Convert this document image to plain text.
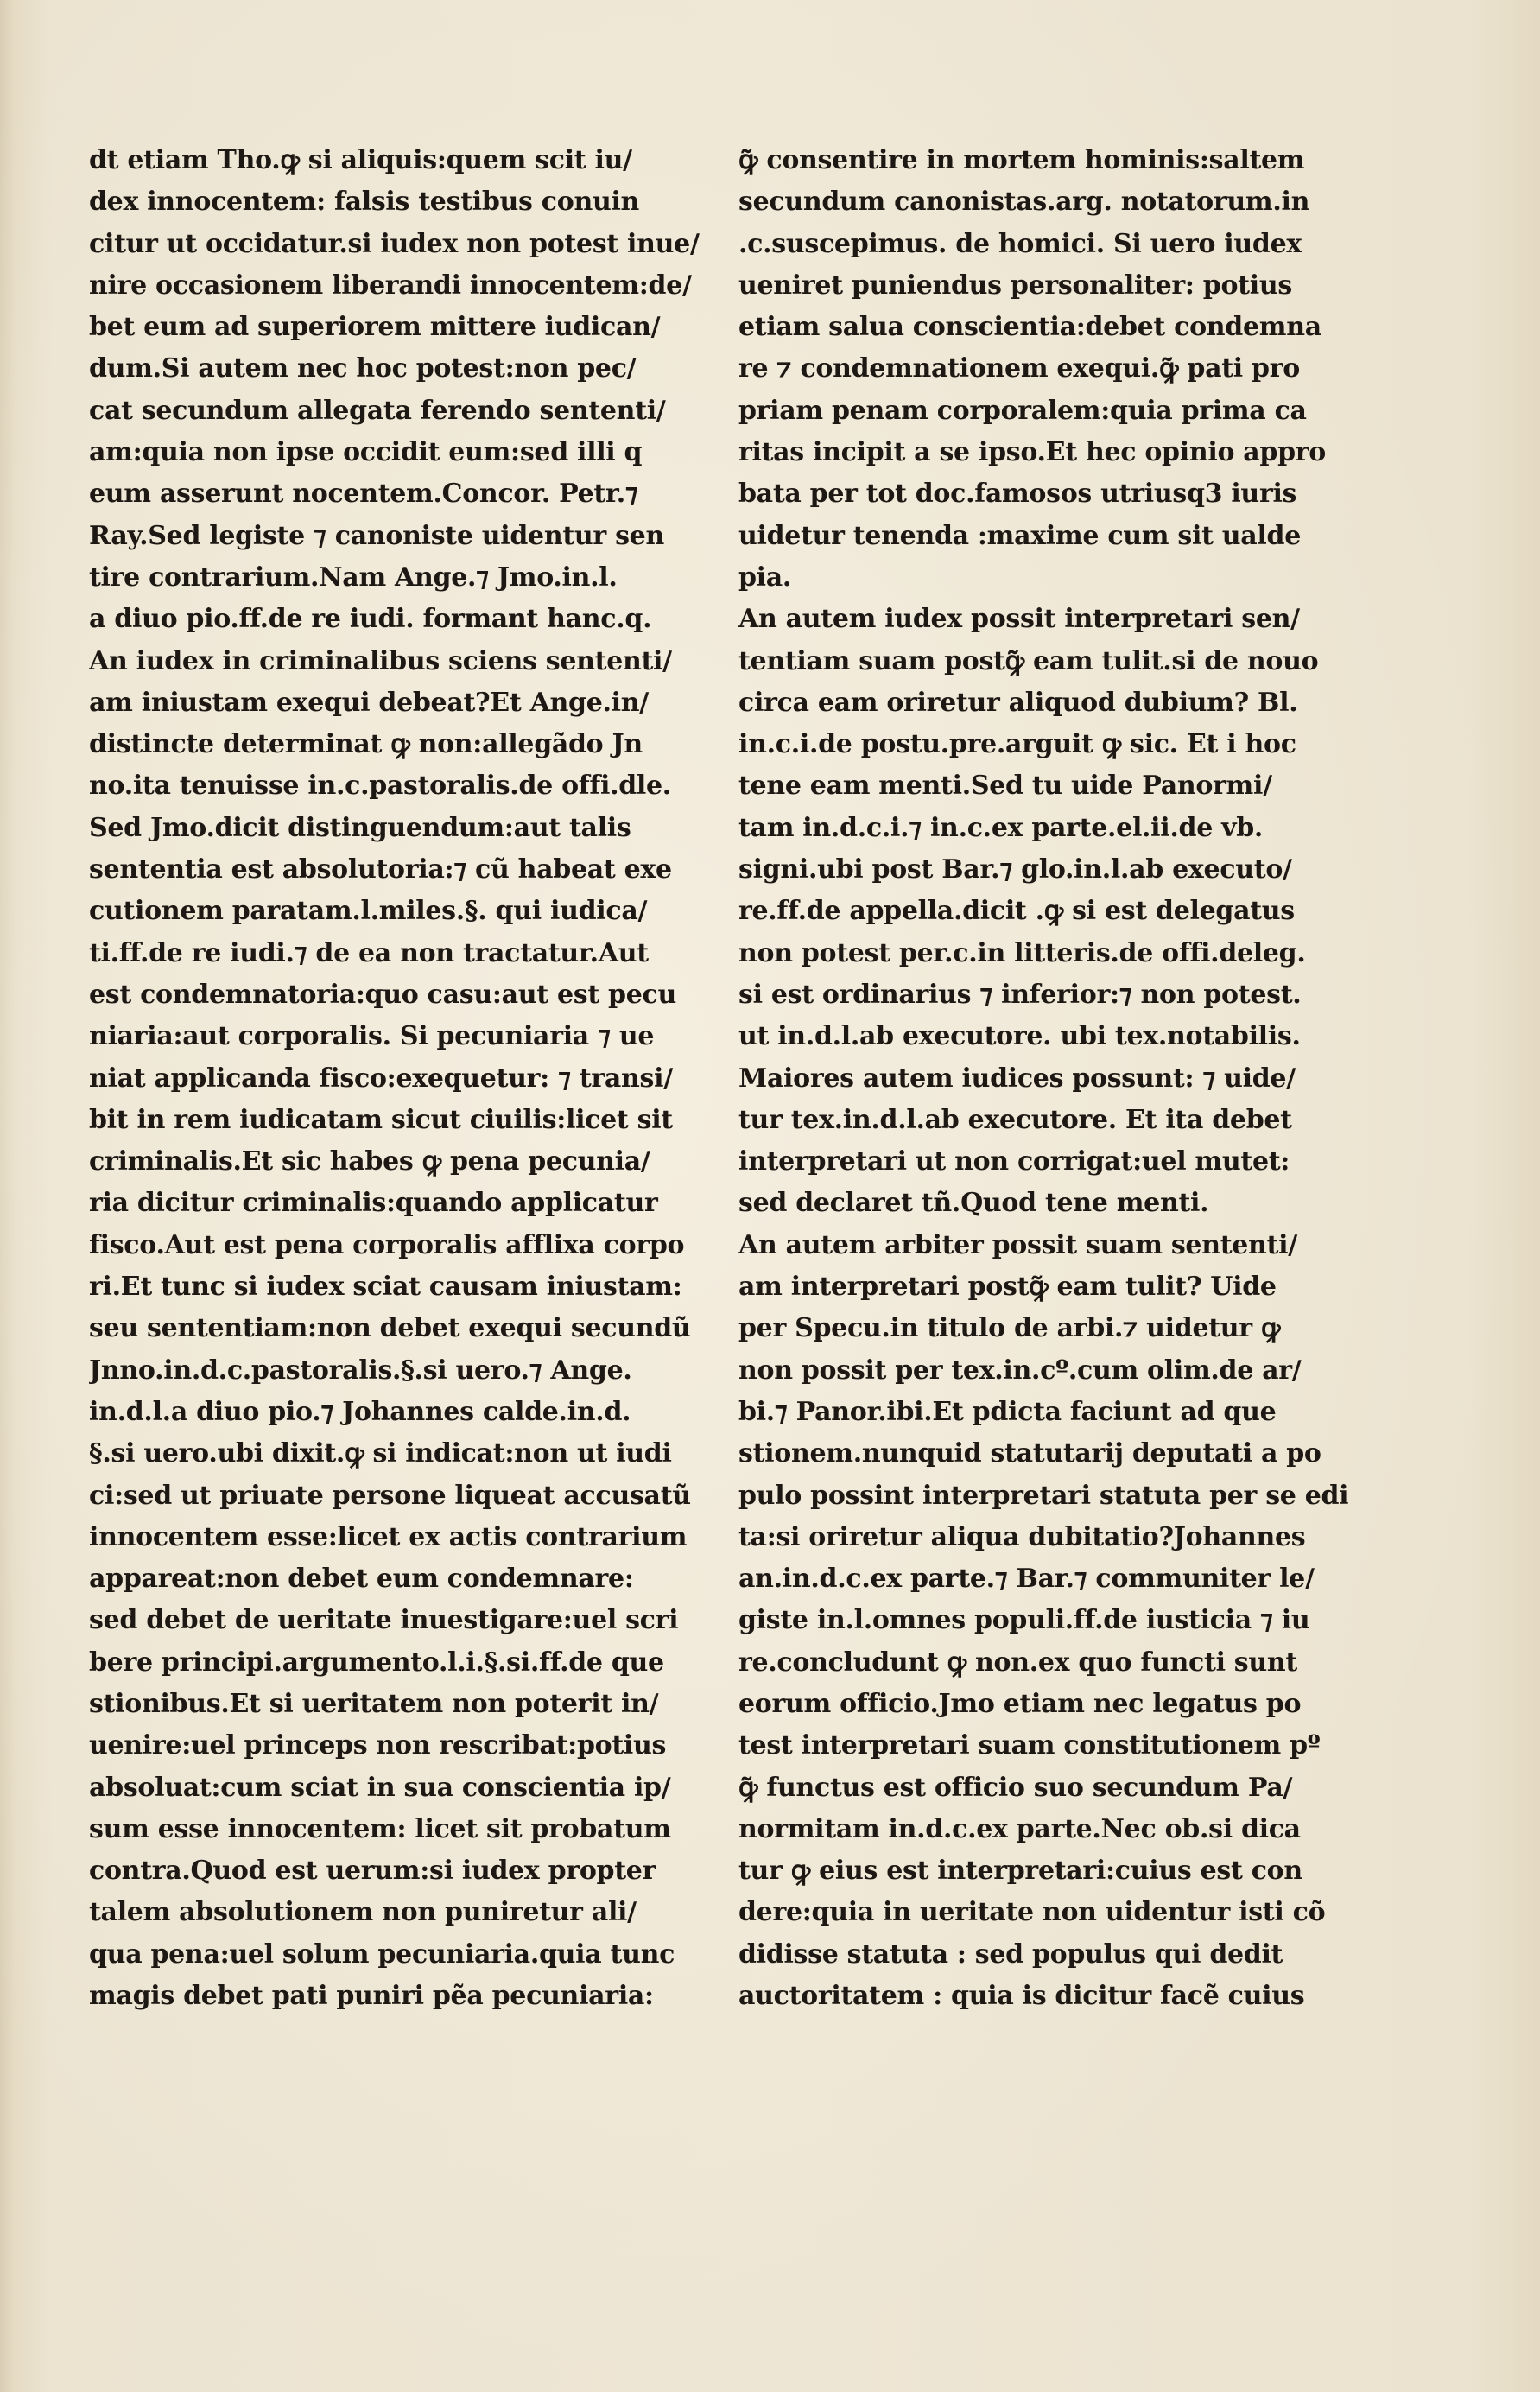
dt etiam Tho.ꝙ si aliquis:quem scit iu/
dex innocentem: falsis testibus conuin
citur ut occidatur.si iudex non potest inue/
nire occasionem liberandi innocentem:de/
bet eum ad superiorem mittere iudican/
dum.Si autem nec hoc potest:non pec/
cat secundum allegata ferendo sententi/
am:quia non ipse occidit eum:sed illi q
eum asserunt nocentem.Concor. Petr.⁊
Ray.Sed legiste ⁊ canoniste uidentur sen
tire contrarium.Nam Ange.⁊ Jmo.in.l.
a diuo pio.ff.de re iudi. formant hanc.q.
An iudex in criminalibus sciens sententi/
am iniustam exequi debeat?Et Ange.in/
distincte determinat ꝙ non:allegãdo Jn
no.ita tenuisse in.c.pastoralis.de offi.dle.
Sed Jmo.dicit distinguendum:aut talis
sententia est absolutoria:⁊ cũ habeat exe
cutionem paratam.l.miles.§. qui iudica/
ti.ff.de re iudi.⁊ de ea non tractatur.Aut
est condemnatoria:quo casu:aut est pecu
niaria:aut corporalis. Si pecuniaria ⁊ ue
niat applicanda fisco:exequetur: ⁊ transi/
bit in rem iudicatam sicut ciuilis:licet sit
criminalis.Et sic habes ꝙ pena pecunia/
ria dicitur criminalis:quando applicatur
fisco.Aut est pena corporalis afflixa corpo
ri.Et tunc si iudex sciat causam iniustam:
seu sententiam:non debet exequi secundũ
Jnno.in.d.c.pastoralis.§.si uero.⁊ Ange.
in.d.l.a diuo pio.⁊ Johannes calde.in.d.
§.si uero.ubi dixit.ꝙ si indicat:non ut iudi
ci:sed ut priuate persone liqueat accusatũ
innocentem esse:licet ex actis contrarium
appareat:non debet eum condemnare:
sed debet de ueritate inuestigare:uel scri
bere principi.argumento.l.i.§.si.ff.de que
stionibus.Et si ueritatem non poterit in/
uenire:uel princeps non rescribat:potius
absoluat:cum sciat in sua conscientia ip/
sum esse innocentem: licet sit probatum
contra.Quod est uerum:si iudex propter
talem absolutionem non puniretur ali/
qua pena:uel solum pecuniaria.quia tunc
magis debet pati puniri pẽa pecuniaria:
ꝙ̃ consentire in mortem hominis:saltem
secundum canonistas.arg. notatorum.in
.c.suscepimus. de homici. Si uero iudex
ueniret puniendus personaliter: potius
etiam salua conscientia:debet condemna
re ⁊ condemnationem exequi.ꝙ̃ pati pro
priam penam corporalem:quia prima ca
ritas incipit a se ipso.Et hec opinio appro
bata per tot doc.famosos utriusq3 iuris
uidetur tenenda :maxime cum sit ualde
pia.
An autem iudex possit interpretari sen/
tentiam suam postꝙ̃ eam tulit.si de nouo
circa eam oriretur aliquod dubium? Bl.
in.c.i.de postu.pre.arguit ꝙ sic. Et i hoc
tene eam menti.Sed tu uide Panormi/
tam in.d.c.i.⁊ in.c.ex parte.el.ii.de vb.
signi.ubi post Bar.⁊ glo.in.l.ab executo/
re.ff.de appella.dicit .ꝙ si est delegatus
non potest per.c.in litteris.de offi.deleg.
si est ordinarius ⁊ inferior:⁊ non potest.
ut in.d.l.ab executore. ubi tex.notabilis.
Maiores autem iudices possunt: ⁊ uide/
tur tex.in.d.l.ab executore. Et ita debet
interpretari ut non corrigat:uel mutet:
sed declaret tñ.Quod tene menti.
An autem arbiter possit suam sententi/
am interpretari postꝙ̃ eam tulit? Uide
per Specu.in titulo de arbi.⁊ uidetur ꝙ
non possit per tex.in.cº.cum olim.de ar/
bi.⁊ Panor.ibi.Et pdicta faciunt ad que
stionem.nunquid statutarij deputati a po
pulo possint interpretari statuta per se edi
ta:si oriretur aliqua dubitatio?Johannes
an.in.d.c.ex parte.⁊ Bar.⁊ communiter le/
giste in.l.omnes populi.ff.de iusticia ⁊ iu
re.concludunt ꝙ non.ex quo functi sunt
eorum officio.Jmo etiam nec legatus po
test interpretari suam constitutionem pº
ꝙ̃ functus est officio suo secundum Pa/
normitam in.d.c.ex parte.Nec ob.si dica
tur ꝙ eius est interpretari:cuius est con
dere:quia in ueritate non uidentur isti cõ
didisse statuta : sed populus qui dedit
auctoritatem : quia is dicitur facẽ cuius
